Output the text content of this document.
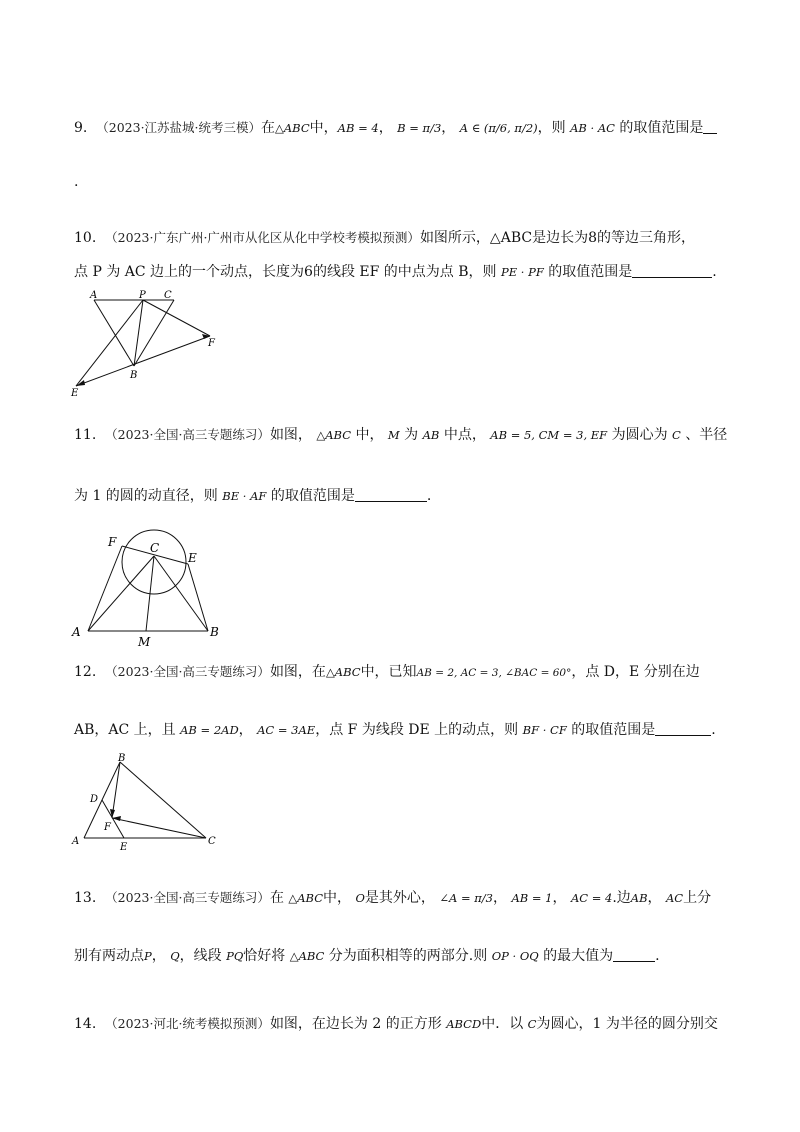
9. （2023·江苏盐城·统考三模）在△ABC中，AB = 4， B = π/3， A ∈ (π/6, π/2)，则 AB · AC 的取值范围是
.
10. （2023·广东广州·广州市从化区从化中学校考模拟预测）如图所示，△ABC是边长为8的等边三角形，
点 P 为 AC 边上的一个动点，长度为6的线段 EF 的中点为点 B，则 PE · PF 的取值范围是	.
A	P C
F
B
E
11. （2023·全国·高三专题练习）如图， △ABC 中， M 为 AB 中点， AB = 5, CM = 3, EF 为圆心为 C 、半径
为 1 的圆的动直径，则 BE · AF 的取值范围是	.
F	C
E
A
M
B
12. （2023·全国·高三专题练习）如图，在△ABC中，已知AB = 2, AC = 3, ∠BAC = 60°，点 D，E 分别在边
AB，AC 上，且 AB = 2AD， AC = 3AE，点 F 为线段 DE 上的动点，则 BF · CF 的取值范围是	.
B
D
F
A
E
C
13. （2023·全国·高三专题练习）在 △ABC中， O是其外心， ∠A = π/3， AB = 1， AC = 4.边AB， AC上分
别有两动点P， Q，线段 PQ恰好将 △ABC 分为面积相等的两部分.则 OP · OQ 的最大值为	.
14. （2023·河北·统考模拟预测）如图，在边长为 2 的正方形 ABCD中．以 C为圆心，1 为半径的圆分别交
